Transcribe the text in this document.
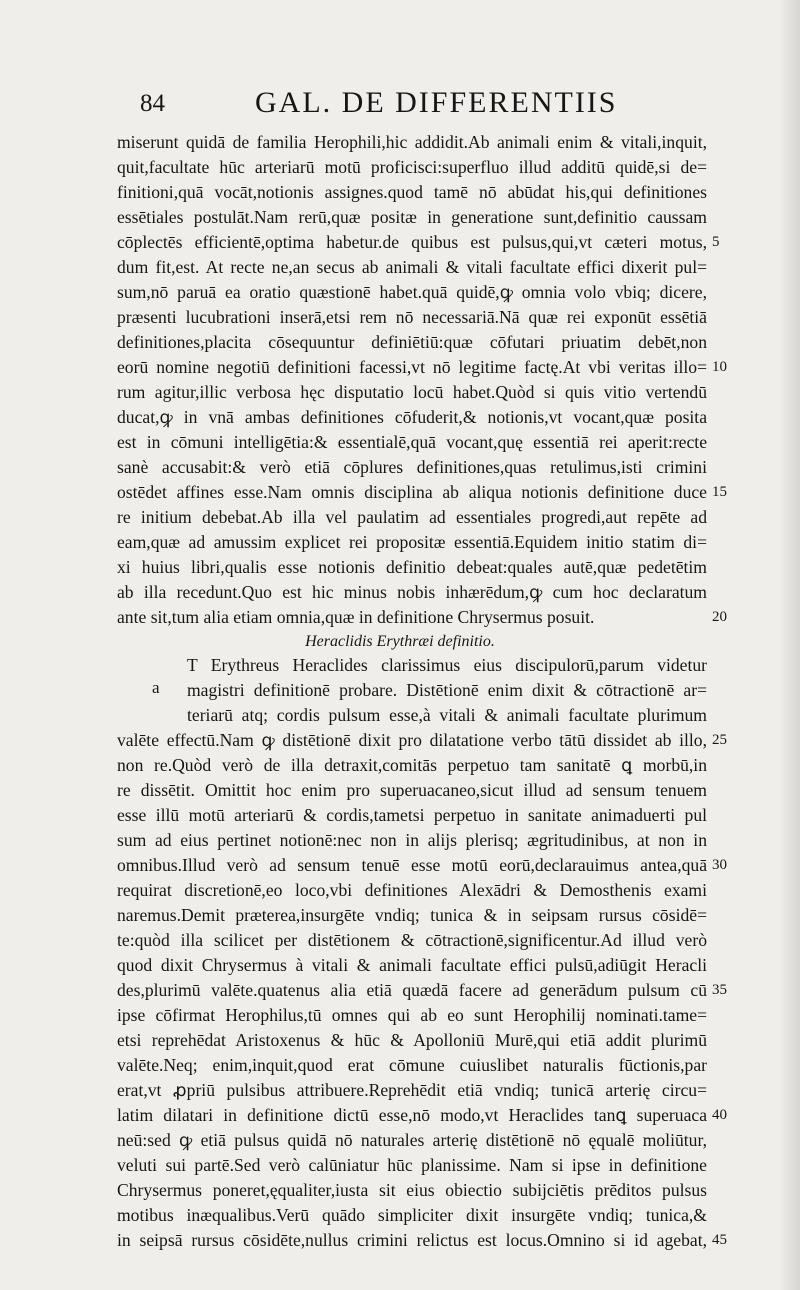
84	GAL. DE DIFFERENTIIS
miserunt quidā de familia Herophili,hic addidit.Ab animali enim & vitali,inquit,
quit,facultate hūc arteriarū motū proficisci:superfluo illud additū quidē,si de=
finitioni,quā vocāt,notionis assignes.quod tamē nō abūdat his,qui definitiones
essētiales postulāt.Nam rerū,quæ positæ in generatione sunt,definitio caussam
cōplectēs efficientē,optima habetur.de quibus est pulsus,qui,vt cæteri motus,
dum fit,est. At recte ne,an secus ab animali & vitali facultate effici dixerit pul=
sum,nō paruā ea oratio quæstionē habet.quā quidē,ꝙ omnia volo vbiq; dicere,
præsenti lucubrationi inserā,etsi rem nō necessariā.Nā quæ rei exponūt essētiā
definitiones,placita cōsequuntur definiētiū:quæ cōfutari priuatim debēt,non
eorū nomine negotiū definitioni facessi,vt nō legitime factę.At vbi veritas illo=
rum agitur,illic verbosa hęc disputatio locū habet.Quòd si quis vitio vertendū
ducat,ꝙ in vnā ambas definitiones cōfuderit,& notionis,vt vocant,quæ posita
est in cōmuni intelligētia:& essentialē,quā vocant,quę essentiā rei aperit:recte
sanè accusabit:& verò etiā cōplures definitiones,quas retulimus,isti crimini
ostēdet affines esse.Nam omnis disciplina ab aliqua notionis definitione duce
re initium debebat.Ab illa vel paulatim ad essentiales progredi,aut repēte ad
eam,quæ ad amussim explicet rei propositæ essentiā.Equidem initio statim di=
xi huius libri,qualis esse notionis definitio debeat:quales autē,quæ pedetētim
ab illa recedunt.Quo est hic minus nobis inhærēdum,ꝙ cum hoc declaratum
ante sit,tum alia etiam omnia,quæ in definitione Chrysermus posuit.
Heraclidis Erythræi definitio.
T Erythreus Heraclides clarissimus eius discipulorū,parum videtur
a magistri definitionē probare. Distētionē enim dixit & cōtractionē ar=
teriarū atq; cordis pulsum esse,à vitali & animali facultate plurimum
valēte effectū.Nam ꝙ distētionē dixit pro dilatatione verbo tātū dissidet ab illo,
non re.Quòd verò de illa detraxit,comitās perpetuo tam sanitatē ꝗ morbū,in
re dissētit. Omittit hoc enim pro superuacaneo,sicut illud ad sensum tenuem
esse illū motū arteriarū & cordis,tametsi perpetuo in sanitate animaduerti pul
sum ad eius pertinet notionē:nec non in alijs plerisq; ægritudinibus, at non in
omnibus.Illud verò ad sensum tenuē esse motū eorū,declarauimus antea,quā
requirat discretionē,eo loco,vbi definitiones Alexādri & Demosthenis exami
naremus.Demit præterea,insurgēte vndiq; tunica & in seipsam rursus cōsidē=
te:quòd illa scilicet per distētionem & cōtractionē,significentur.Ad illud verò
quod dixit Chrysermus à vitali & animali facultate effici pulsū,adiūgit Heracli
des,plurimū valēte.quatenus alia etiā quædā facere ad generādum pulsum cū
ipse cōfirmat Herophilus,tū omnes qui ab eo sunt Herophilij nominati.tame=
etsi reprehēdat Aristoxenus & hūc & Apolloniū Murē,qui etiā addit plurimū
valēte.Neq; enim,inquit,quod erat cōmune cuiuslibet naturalis fūctionis,par
erat,vt ꝓpriū pulsibus attribuere.Reprehēdit etiā vndiq; tunicā arterię circu=
latim dilatari in definitione dictū esse,nō modo,vt Heraclides tanꝗ superuaca
neū:sed ꝙ etiā pulsus quidā nō naturales arterię distētionē nō ęqualē moliūtur,
veluti sui partē.Sed verò calūniatur hūc planissime. Nam si ipse in definitione
Chrysermus poneret,ęqualiter,iusta sit eius obiectio subijciētis prēditos pulsus
motibus inæqualibus.Verū quādo simpliciter dixit insurgēte vndiq; tunica,&
in seipsā rursus cōsidēte,nullus crimini relictus est locus.Omnino si id agebat,
5
10
15
20
25
30
35
40
45
